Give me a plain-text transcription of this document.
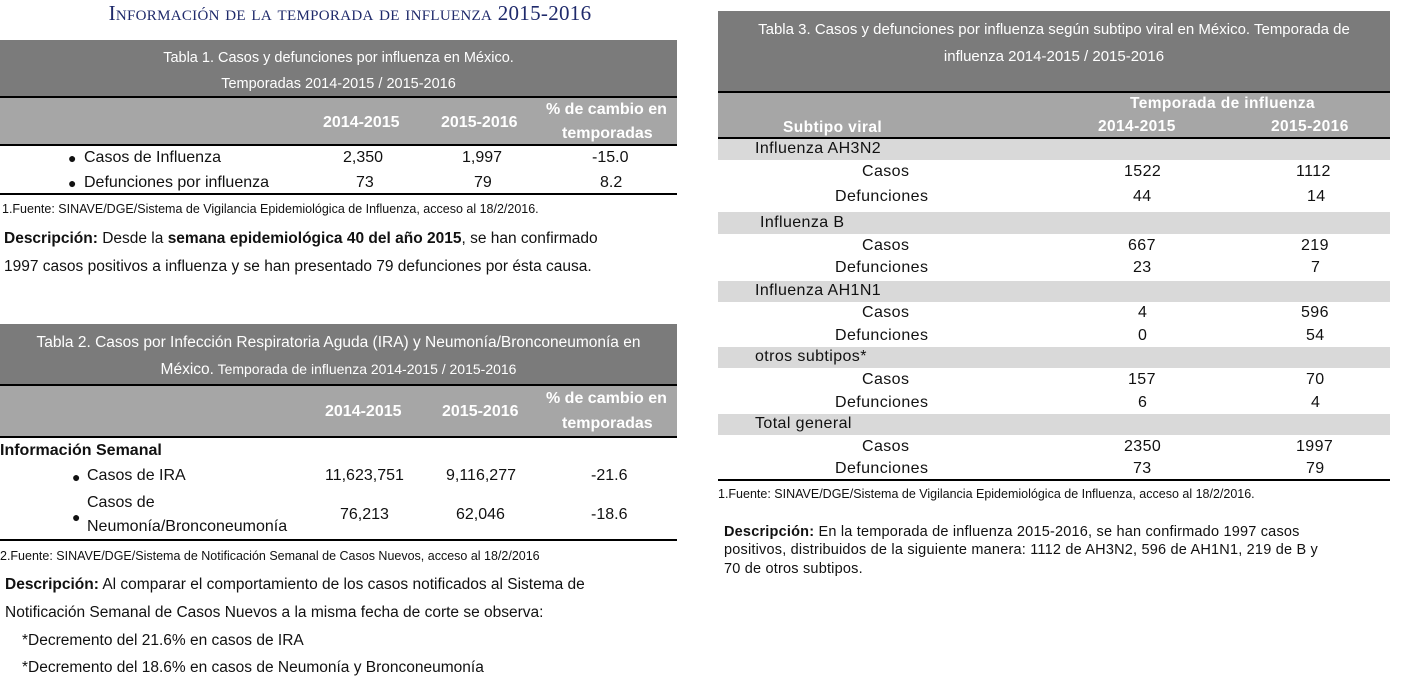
Información de la temporada de influenza 2015-2016
Tabla 1. Casos y defunciones por influenza en México.
Temporadas 2014-2015 / 2015-2016
2014-2015	2015-2016
% de cambio en
temporadas
● Casos de Influenza	2,350	1,997	-15.0
● Defunciones por influenza	73	79	8.2
1.Fuente: SINAVE/DGE/Sistema de Vigilancia Epidemiológica de Influenza, acceso al 18/2/2016.
Descripción: Desde la semana epidemiológica 40 del año 2015, se han confirmado
1997 casos positivos a influenza y se han presentado 79 defunciones por ésta causa.
Tabla 2. Casos por Infección Respiratoria Aguda (IRA) y Neumonía/Bronconeumonía en
México. Temporada de influenza 2014-2015 / 2015-2016
2014-2015	2015-2016
% de cambio en
temporadas
Información Semanal
● Casos de IRA	11,623,751	9,116,277	-21.6
●
Casos de
Neumonía/Bronconeumonía
76,213	62,046	-18.6
2.Fuente: SINAVE/DGE/Sistema de Notificación Semanal de Casos Nuevos, acceso al 18/2/2016
Descripción: Al comparar el comportamiento de los casos notificados al Sistema de
Notificación Semanal de Casos Nuevos a la misma fecha de corte se observa:
*Decremento del 21.6% en casos de IRA
*Decremento del 18.6% en casos de Neumonía y Bronconeumonía
Tabla 3. Casos y defunciones por influenza según subtipo viral en México. Temporada de
influenza 2014-2015 / 2015-2016
Temporada de influenza
Subtipo viral	2014-2015	2015-2016
Influenza AH3N2
Casos	1522	1112
Defunciones	44	14
Influenza B
Casos	667	219
Defunciones	23	7
Influenza AH1N1
Casos	4	596
Defunciones	0	54
otros subtipos*
Casos	157	70
Defunciones	6	4
Total general
Casos	2350	1997
Defunciones	73	79
1.Fuente: SINAVE/DGE/Sistema de Vigilancia Epidemiológica de Influenza, acceso al 18/2/2016.
Descripción: En la temporada de influenza 2015-2016, se han confirmado 1997 casos
positivos, distribuidos de la siguiente manera: 1112 de AH3N2, 596 de AH1N1, 219 de B y
70 de otros subtipos.
